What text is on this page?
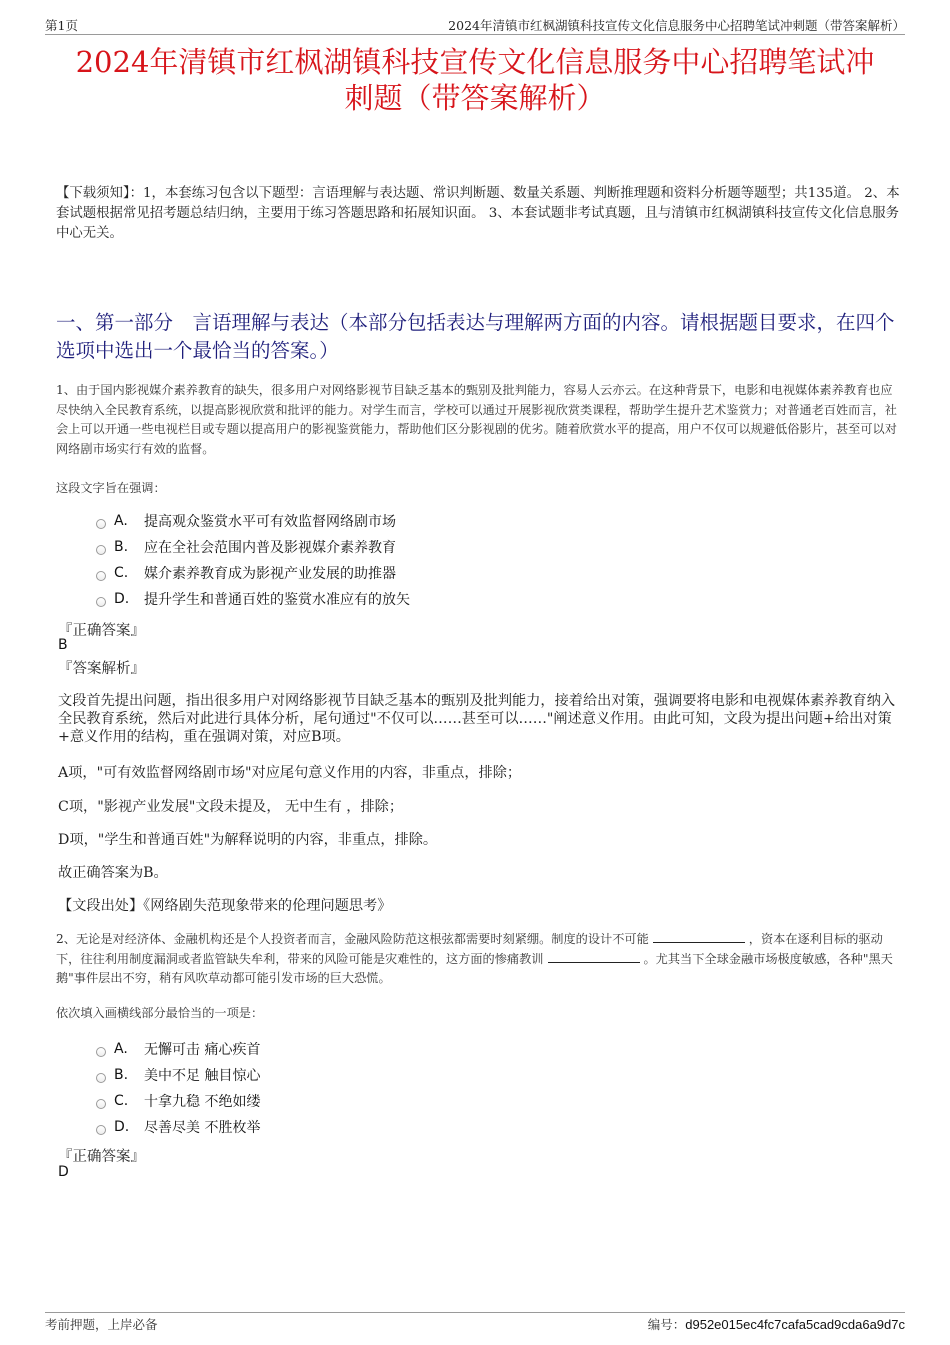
第1页	2024年清镇市红枫湖镇科技宣传文化信息服务中心招聘笔试冲刺题（带答案解析）
2024年清镇市红枫湖镇科技宣传文化信息服务中心招聘笔试冲
刺题（带答案解析）
【下载须知】：1，本套练习包含以下题型：言语理解与表达题、常识判断题、数量关系题、判断推理题和资料分析题等题型；共135道。 2、本套试题根据常见招考题总结归纳，主要用于练习答题思路和拓展知识面。 3、本套试题非考试真题，且与清镇市红枫湖镇科技宣传文化信息服务中心无关。
一、第一部分　言语理解与表达（本部分包括表达与理解两方面的内容。请根据题目要求，在四个选项中选出一个最恰当的答案。）
1、由于国内影视媒介素养教育的缺失，很多用户对网络影视节目缺乏基本的甄别及批判能力，容易人云亦云。在这种背景下，电影和电视媒体素养教育也应尽快纳入全民教育系统，以提高影视欣赏和批评的能力。对学生而言，学校可以通过开展影视欣赏类课程，帮助学生提升艺术鉴赏力；对普通老百姓而言，社会上可以开通一些电视栏目或专题以提高用户的影视鉴赏能力，帮助他们区分影视剧的优劣。随着欣赏水平的提高，用户不仅可以规避低俗影片，甚至可以对网络剧市场实行有效的监督。
这段文字旨在强调：
A.	提高观众鉴赏水平可有效监督网络剧市场
B.	应在全社会范围内普及影视媒介素养教育
C.	媒介素养教育成为影视产业发展的助推器
D.	提升学生和普通百姓的鉴赏水准应有的放矢
『正确答案』
B
『答案解析』
文段首先提出问题，指出很多用户对网络影视节目缺乏基本的甄别及批判能力，接着给出对策，强调要将电影和电视媒体素养教育纳入全民教育系统，然后对此进行具体分析，尾句通过"不仅可以……甚至可以……"阐述意义作用。由此可知，文段为提出问题+给出对策+意义作用的结构，重在强调对策，对应B项。
A项，"可有效监督网络剧市场"对应尾句意义作用的内容，非重点，排除；
C项，"影视产业发展"文段未提及， 无中生有 ，排除；
D项，"学生和普通百姓"为解释说明的内容，非重点，排除。
故正确答案为B。
【文段出处】《网络剧失范现象带来的伦理问题思考》
2、无论是对经济体、金融机构还是个人投资者而言，金融风险防范这根弦都需要时刻紧绷。制度的设计不可能	，资本在逐利目标的驱动下，往往利用制度漏洞或者监管缺失牟利，带来的风险可能是灾难性的，这方面的惨痛教训	。尤其当下全球金融市场极度敏感，各种"黑天鹅"事件层出不穷，稍有风吹草动都可能引发市场的巨大恐慌。
依次填入画横线部分最恰当的一项是：
A.	无懈可击 痛心疾首
B.	美中不足 触目惊心
C.	十拿九稳 不绝如缕
D.	尽善尽美 不胜枚举
『正确答案』
D
考前押题，上岸必备	编号：d952e015ec4fc7cafa5cad9cda6a9d7c
